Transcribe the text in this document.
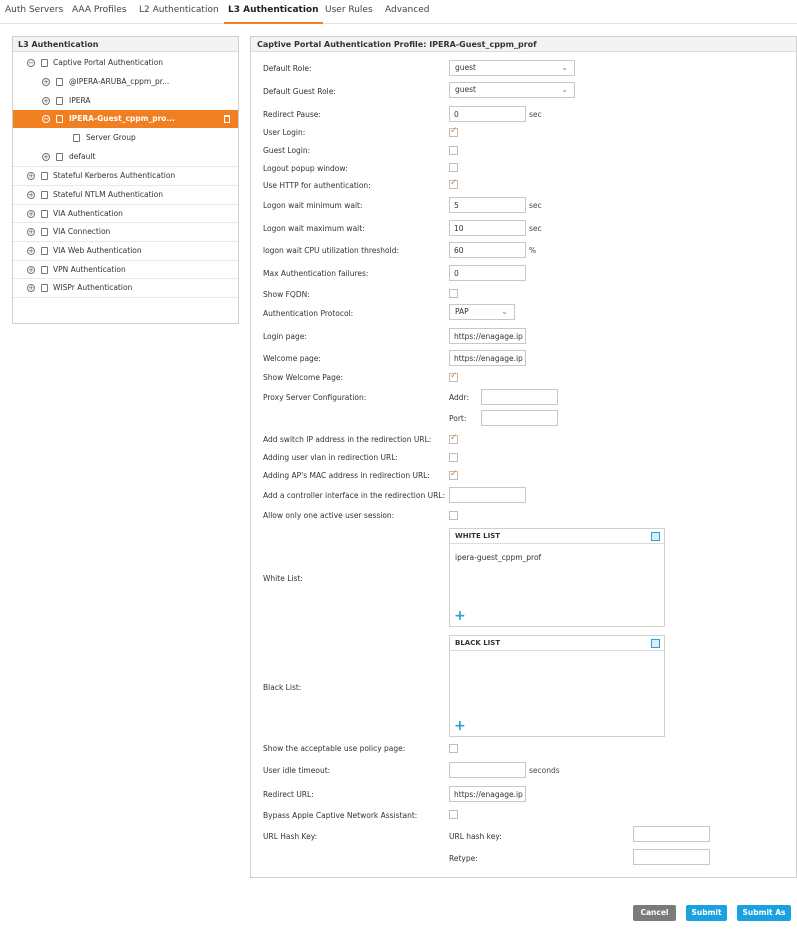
Auth Servers AAA Profiles	L2 Authentication	L3 Authentication User Rules	Advanced
L3 Authentication
−	Captive Portal Authentication
+	@IPERA-ARUBA_cppm_pr...
+	IPERA
−	IPERA-Guest_cppm_pro...
Server Group
+	default
+	Stateful Kerberos Authentication
+	Stateful NTLM Authentication
+	VIA Authentication
+	VIA Connection
+	VIA Web Authentication
+	VPN Authentication
+	WISPr Authentication
Captive Portal Authentication Profile: IPERA-Guest_cppm_prof
Default Role:	guest	⌄
Default Guest Role:	guest	⌄
Redirect Pause:
0	sec
User Login:
✓
Guest Login:
Logout popup window:
Use HTTP for authentication:
✓
Logon wait minimum wait:
5	sec
Logon wait maximum wait:
10	sec
logon wait CPU utilization threshold:
60	%
Max Authentication failures:
0
Show FQDN:
Authentication Protocol:	PAP	⌄
Login page:
https://enagage.ipe
Welcome page:
https://enagage.ipe
Show Welcome Page:
✓
Proxy Server Configuration:	Addr:
Port:
Add switch IP address in the redirection URL:
✓
Adding user vlan in redirection URL:
Adding AP's MAC address in redirection URL:
✓
Add a controller interface in the redirection URL:
Allow only one active user session:
White List:
WHITE LIST
ipera-guest_cppm_prof
+
Black List:
BLACK LIST
+
Show the acceptable use policy page:
User idle timeout:	seconds
Redirect URL:
https://enagage.ipe
Bypass Apple Captive Network Assistant:
URL Hash Key:	URL hash key:
Retype:
Cancel	Submit	Submit As
